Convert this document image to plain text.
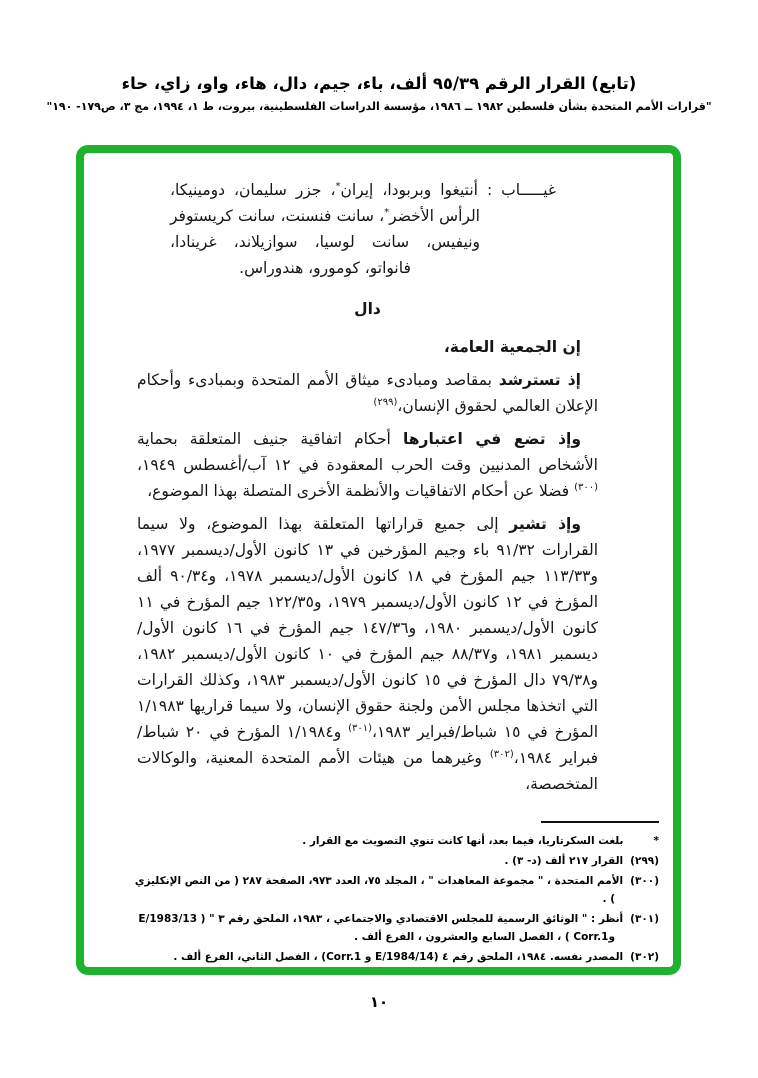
(تابع) القرار الرقم ٩٥/٣٩ ألف، باء، جيم، دال، هاء، واو، زاي، حاء
"قرارات الأمم المتحدة بشأن فلسطين ١٩٨٢ ــ ١٩٨٦، مؤسسة الدراسات الفلسطينية، بيروت، ط ١، ١٩٩٤، مج ٣، ص١٧٩- ١٩٠"

غيـــــاب : أنتيغوا وبربودا، إيران*، جزر سليمان، دومينيكا، الرأس الأخضر*، سانت فنسنت، سانت كريستوفر ونيفيس، سانت لوسيا، سوازيلاند، غرينادا، فانواتو، كومورو، هندوراس.

دال

إن الجمعية العامة،

إذ تسترشد بمقاصد ومبادىء ميثاق الأمم المتحدة وبمبادىء وأحكام الإعلان العالمي لحقوق الإنسان،$^{(٢٩٩)}$

وإذ تضع في اعتبارها أحكام اتفاقية جنيف المتعلقة بحماية الأشخاص المدنيين وقت الحرب المعقودة في ١٢ آب/أغسطس ١٩٤٩،$^{(٣٠٠)}$ فضلا عن أحكام الاتفاقيات والأنظمة الأخرى المتصلة بهذا الموضوع،

وإذ تشير إلى جميع قراراتها المتعلقة بهذا الموضوع، ولا سيما القرارات ٩١/٣٢ باء وجيم المؤرخين في ١٣ كانون الأول/ديسمبر ١٩٧٧، و١١٣/٣٣ جيم المؤرخ في ١٨ كانون الأول/ديسمبر ١٩٧٨، و٩٠/٣٤ ألف المؤرخ في ١٢ كانون الأول/ديسمبر ١٩٧٩، و١٢٢/٣٥ جيم المؤرخ في ١١ كانون الأول/ديسمبر ١٩٨٠، و١٤٧/٣٦ جيم المؤرخ في ١٦ كانون الأول/ديسمبر ١٩٨١، و٨٨/٣٧ جيم المؤرخ في ١٠ كانون الأول/ديسمبر ١٩٨٢، و٧٩/٣٨ دال المؤرخ في ١٥ كانون الأول/ديسمبر ١٩٨٣، وكذلك القرارات التي اتخذها مجلس الأمن ولجنة حقوق الإنسان، ولا سيما قراريها ١/١٩٨٣ المؤرخ في ١٥ شباط/فبراير ١٩٨٣،$^{(٣٠١)}$ و١/١٩٨٤ المؤرخ في ٢٠ شباط/فبراير ١٩٨٤،$^{(٣٠٢)}$ وغيرهما من هيئات الأمم المتحدة المعنية، والوكالات المتخصصة،

*بلغت السكرتاريا، فيما بعد، أنها كانت تنوي التصويت مع القرار .
(٢٩٩)القرار ٢١٧ ألف (د- ٣) .
(٣٠٠)الأمم المتحدة ، " مجموعة المعاهدات " ، المجلد ٧٥، العدد ٩٧٣، الصفحة ٢٨٧ ( من النص الإنكليزي ) .
(٣٠١)أنظر : " الوثائق الرسمية للمجلس الاقتصادي والاجتماعي ، ١٩٨٣، الملحق رقم ٣ " ( E/1983/13 وCorr.1 ) ، الفصل السابع والعشرون ، الفرع ألف .
(٣٠٢)المصدر نفسه. ١٩٨٤، الملحق رقم ٤ (E/1984/14 و Corr.1) ، الفصل الثاني، الفرع ألف .
١٠
